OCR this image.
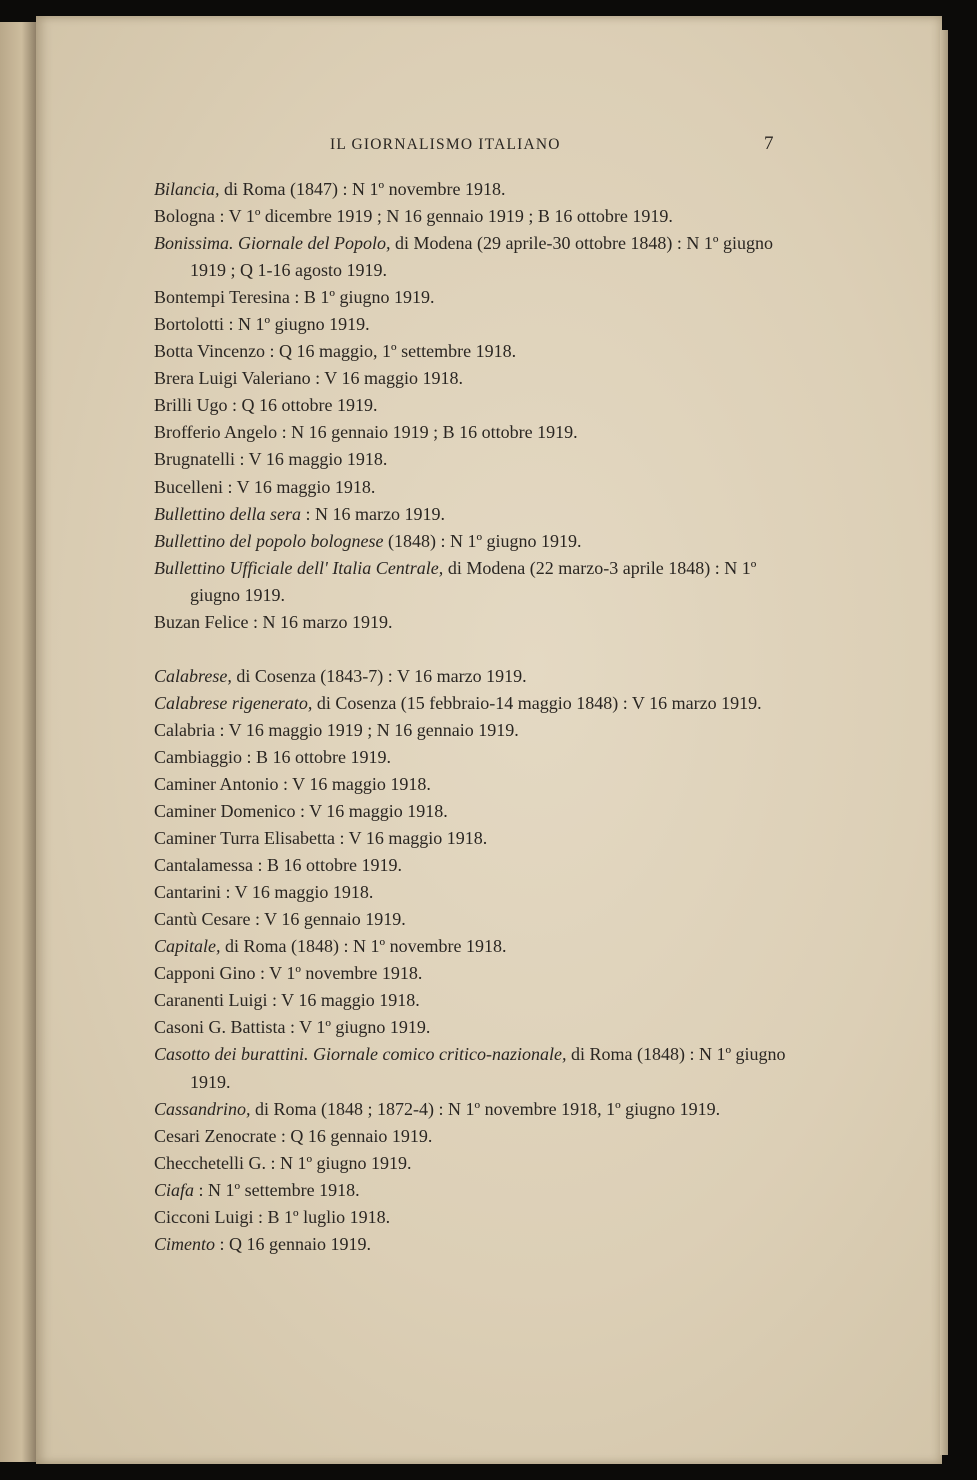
IL GIORNALISMO ITALIANO	7
Bilancia, di Roma (1847) : N 1º novembre 1918.
Bologna : V 1º dicembre 1919 ; N 16 gennaio 1919 ; B 16 ottobre 1919.
Bonissima. Giornale del Popolo, di Modena (29 aprile-30 ottobre 1848) : N 1º giugno 1919 ; Q 1-16 agosto 1919.
Bontempi Teresina : B 1º giugno 1919.
Bortolotti : N 1º giugno 1919.
Botta Vincenzo : Q 16 maggio, 1º settembre 1918.
Brera Luigi Valeriano : V 16 maggio 1918.
Brilli Ugo : Q 16 ottobre 1919.
Brofferio Angelo : N 16 gennaio 1919 ; B 16 ottobre 1919.
Brugnatelli : V 16 maggio 1918.
Bucelleni : V 16 maggio 1918.
Bullettino della sera : N 16 marzo 1919.
Bullettino del popolo bolognese (1848) : N 1º giugno 1919.
Bullettino Ufficiale dell' Italia Centrale, di Modena (22 marzo-3 aprile 1848) : N 1º giugno 1919.
Buzan Felice : N 16 marzo 1919.
Calabrese, di Cosenza (1843-7) : V 16 marzo 1919.
Calabrese rigenerato, di Cosenza (15 febbraio-14 maggio 1848) : V 16 marzo 1919.
Calabria : V 16 maggio 1919 ; N 16 gennaio 1919.
Cambiaggio : B 16 ottobre 1919.
Caminer Antonio : V 16 maggio 1918.
Caminer Domenico : V 16 maggio 1918.
Caminer Turra Elisabetta : V 16 maggio 1918.
Cantalamessa : B 16 ottobre 1919.
Cantarini : V 16 maggio 1918.
Cantù Cesare : V 16 gennaio 1919.
Capitale, di Roma (1848) : N 1º novembre 1918.
Capponi Gino : V 1º novembre 1918.
Caranenti Luigi : V 16 maggio 1918.
Casoni G. Battista : V 1º giugno 1919.
Casotto dei burattini. Giornale comico critico-nazionale, di Roma (1848) : N 1º giugno 1919.
Cassandrino, di Roma (1848 ; 1872-4) : N 1º novembre 1918, 1º giugno 1919.
Cesari Zenocrate : Q 16 gennaio 1919.
Checchetelli G. : N 1º giugno 1919.
Ciafa : N 1º settembre 1918.
Cicconi Luigi : B 1º luglio 1918.
Cimento : Q 16 gennaio 1919.
